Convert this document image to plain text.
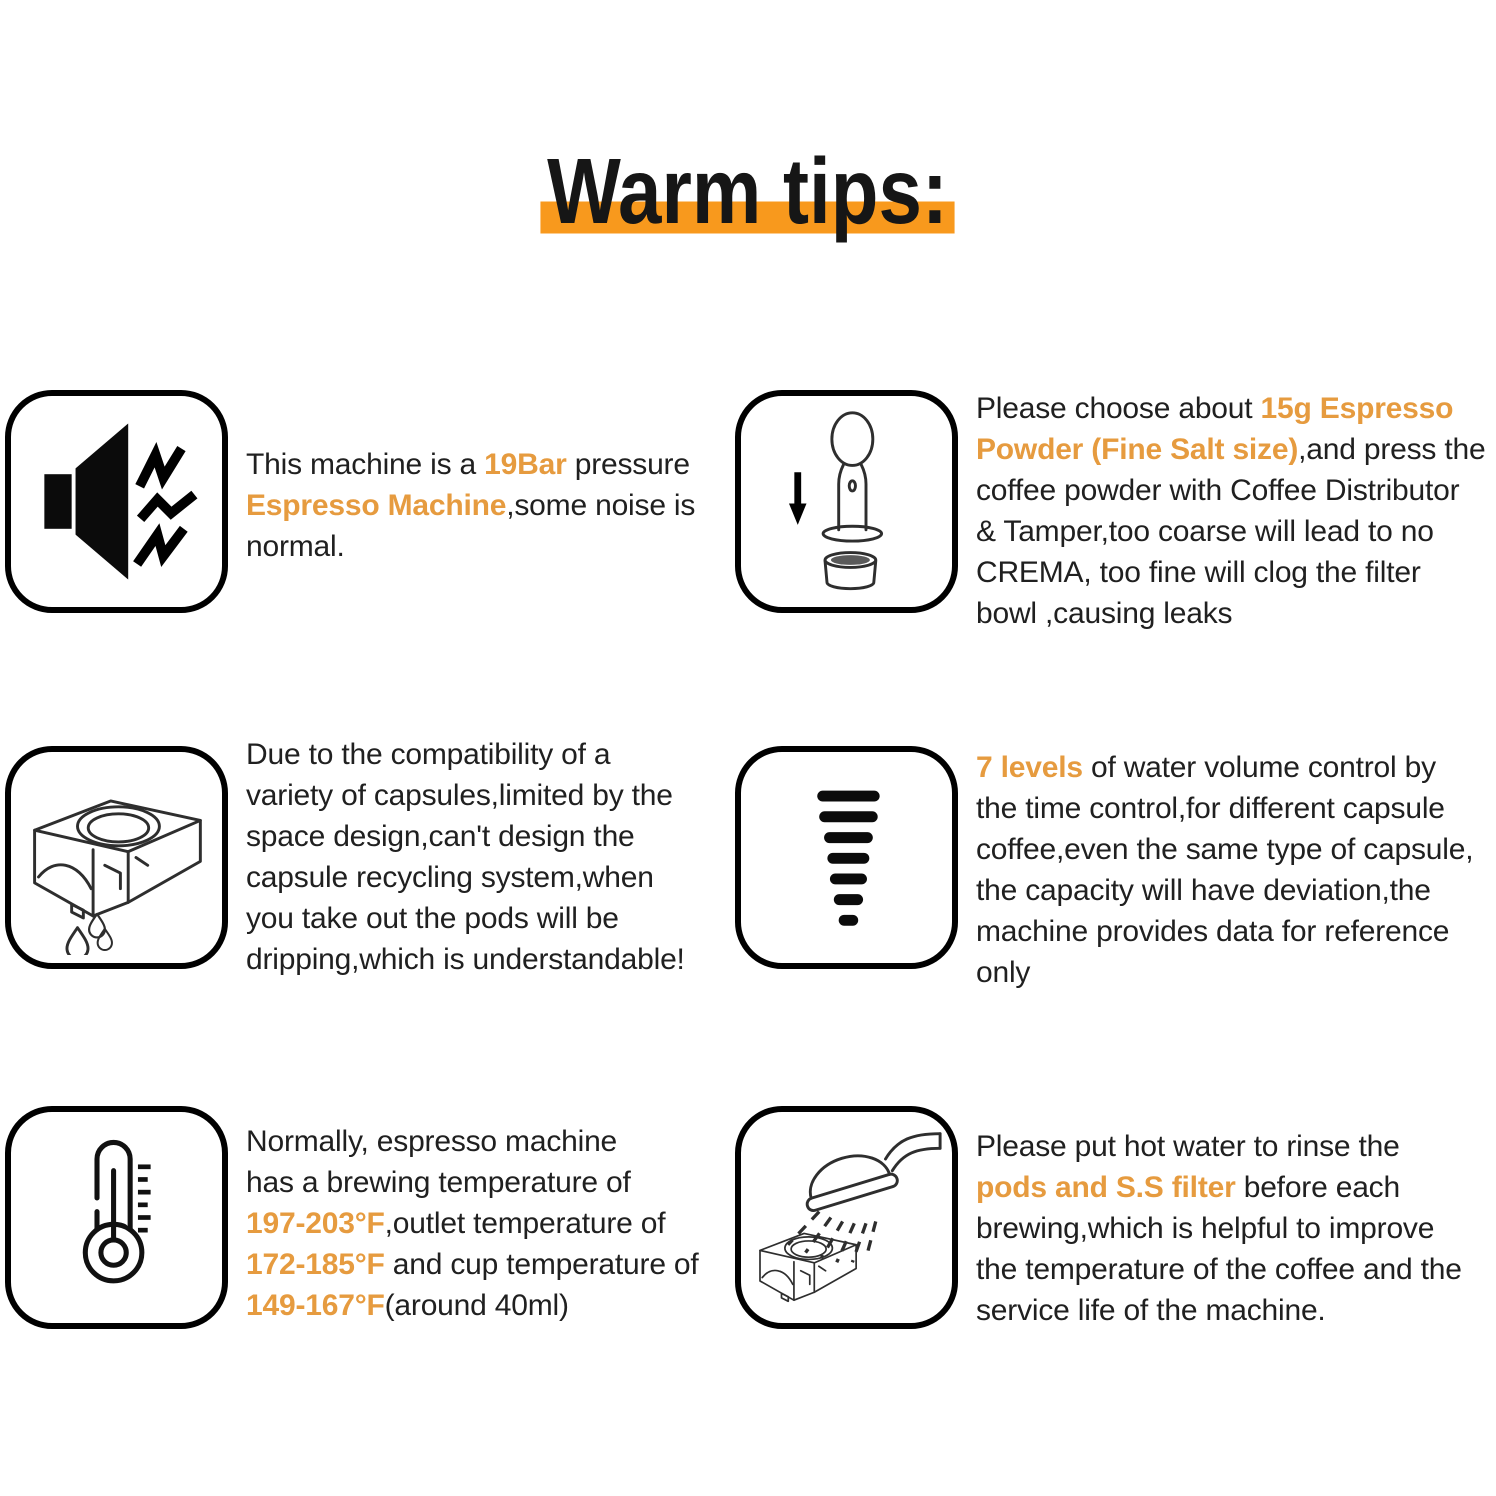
Warm tips:
This machine is a 19Bar pressure
Espresso Machine,some noise is
normal.
Please choose about 15g Espresso
Powder (Fine Salt size),and press the
coffee powder with Coffee Distributor
& Tamper,too coarse will lead to no
CREMA, too fine will clog the filter
bowl ,causing leaks
Due to the compatibility of a
variety of capsules,limited by the
space design,can't design the
capsule recycling system,when
you take out the pods will be
dripping,which is understandable!
7 levels of water volume control by
the time control,for different capsule
coffee,even the same type of capsule,
the capacity will have deviation,the
machine provides data for reference
only
Normally, espresso machine
has a brewing temperature of
197-203°F,outlet temperature of
172-185°F and cup temperature of
149-167°F(around 40ml)
Please put hot water to rinse the
pods and S.S filter before each
brewing,which is helpful to improve
the temperature of the coffee and the
service life of the machine.
